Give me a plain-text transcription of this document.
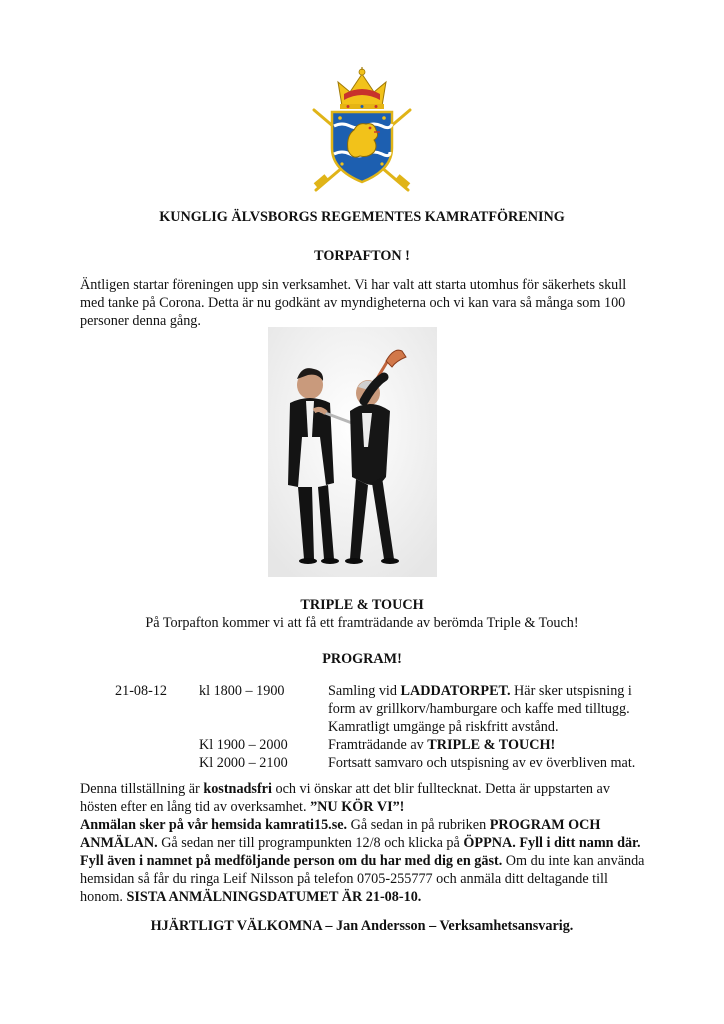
KUNGLIG ÄLVSBORGS REGEMENTES KAMRATFÖRENING
TORPAFTON !

Äntligen startar föreningen upp sin verksamhet. Vi har valt att starta utomhus för säkerhets skull med tanke på Corona. Detta är nu godkänt av myndigheterna och vi kan vara så många som 100 personer denna gång.

TRIPLE & TOUCH
På Torpafton kommer vi att få ett framträdande av berömda Triple & Touch!
PROGRAM!
21-08-12 kl 1800 – 1900	Samling vid LADDATORPET. Här sker utspisning i form av grillkorv/hamburgare och kaffe med tilltugg. Kamratligt umgänge på riskfritt avstånd.
Kl 1900 – 2000	Framträdande av TRIPLE & TOUCH!
Kl 2000 – 2100	Fortsatt samvaro och utspisning av ev överbliven mat.

Denna tillställning är kostnadsfri och vi önskar att det blir fulltecknat. Detta är uppstarten av hösten efter en lång tid av overksamhet. ”NU KÖR VI”!
Anmälan sker på vår hemsida kamrati15.se. Gå sedan in på rubriken PROGRAM OCH ANMÄLAN. Gå sedan ner till programpunkten 12/8 och klicka på ÖPPNA. Fyll i ditt namn där. Fyll även i namnet på medföljande person om du har med dig en gäst. Om du inte kan använda hemsidan så får du ringa Leif Nilsson på telefon 0705-255777 och anmäla ditt deltagande till honom. SISTA ANMÄLNINGSDATUMET ÄR 21-08-10.

HJÄRTLIGT VÄLKOMNA – Jan Andersson – Verksamhetsansvarig.
